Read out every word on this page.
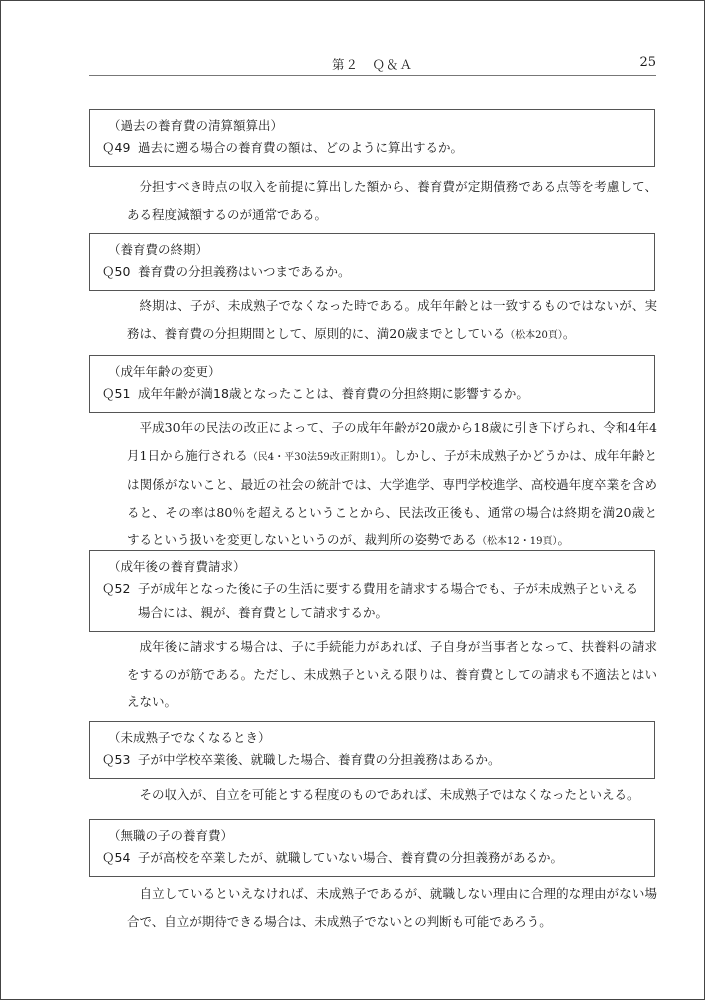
第２　Ｑ＆Ａ	25
（過去の養育費の清算額算出）
Ｑ49 過去に遡る場合の養育費の額は、どのように算出するか。

分担すべき時点の収入を前提に算出した額から、養育費が定期債務である点等を考慮して、ある程度減額するのが通常である。

（養育費の終期）
Ｑ50 養育費の分担義務はいつまであるか。

終期は、子が、未成熟子でなくなった時である。成年年齢とは一致するものではないが、実務は、養育費の分担期間として、原則的に、満20歳までとしている（松本20頁）。

（成年年齢の変更）
Ｑ51 成年年齢が満18歳となったことは、養育費の分担終期に影響するか。

平成30年の民法の改正によって、子の成年年齢が20歳から18歳に引き下げられ、令和4年4月1日から施行される（民4・平30法59改正附則1）。しかし、子が未成熟子かどうかは、成年年齢とは関係がないこと、最近の社会の統計では、大学進学、専門学校進学、高校過年度卒業を含めると、その率は80％を超えるということから、民法改正後も、通常の場合は終期を満20歳とするという扱いを変更しないというのが、裁判所の姿勢である（松本12・19頁）。

（成年後の養育費請求）
Ｑ52 子が成年となった後に子の生活に要する費用を請求する場合でも、子が未成熟子といえる場合には、親が、養育費として請求するか。

成年後に請求する場合は、子に手続能力があれば、子自身が当事者となって、扶養料の請求をするのが筋である。ただし、未成熟子といえる限りは、養育費としての請求も不適法とはいえない。

（未成熟子でなくなるとき）
Ｑ53 子が中学校卒業後、就職した場合、養育費の分担義務はあるか。

その収入が、自立を可能とする程度のものであれば、未成熟子ではなくなったといえる。

（無職の子の養育費）
Ｑ54 子が高校を卒業したが、就職していない場合、養育費の分担義務があるか。

自立しているといえなければ、未成熟子であるが、就職しない理由に合理的な理由がない場合で、自立が期待できる場合は、未成熟子でないとの判断も可能であろう。
